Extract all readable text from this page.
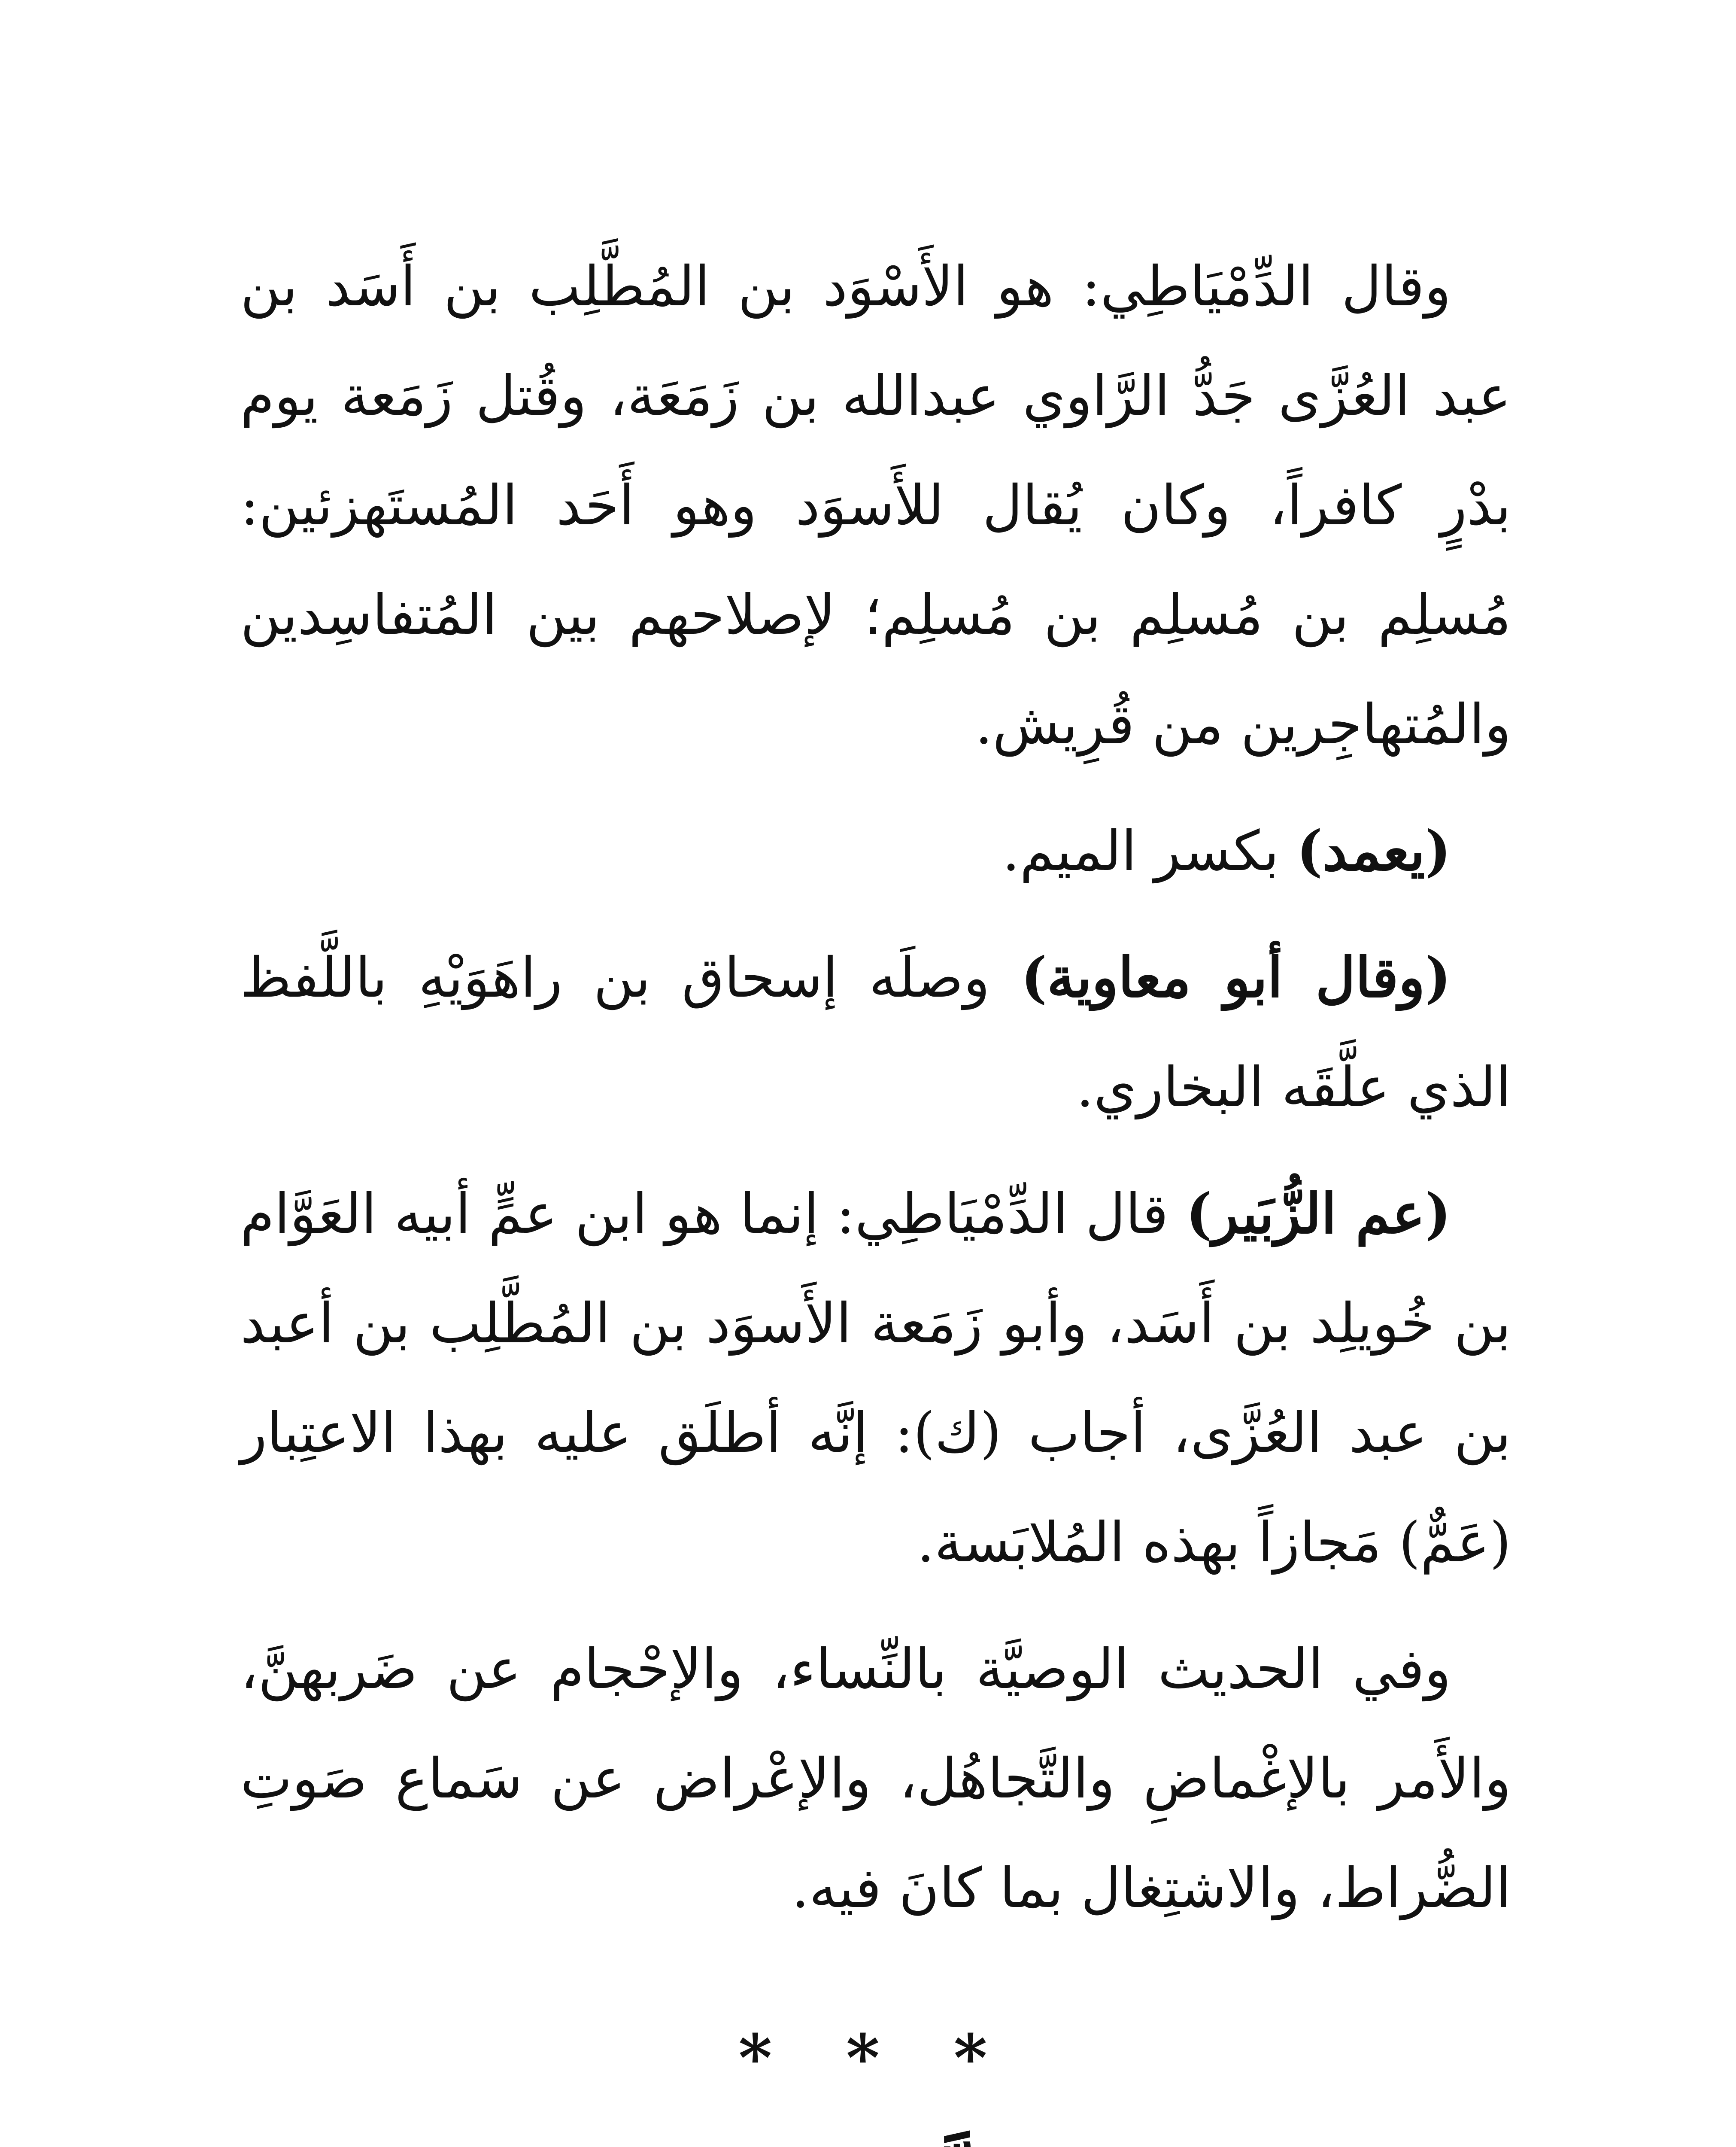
وقال الدِّمْيَاطِي: هو الأَسْوَد بن المُطَّلِب بن أَسَد بن عبد العُزَّى جَدُّ الرَّاوي عبدالله بن زَمَعَة، وقُتل زَمَعة يوم بدْرٍ كافراً، وكان يُقال للأَسوَد وهو أَحَد المُستَهزئين: مُسلِم بن مُسلِم بن مُسلِم؛ لإصلاحهم بين المُتفاسِدين والمُتهاجِرين من قُرِيش.

(يعمد) بكسر الميم.

(وقال أبو معاوية) وصلَه إسحاق بن راهَوَيْهِ باللَّفظ الذي علَّقَه البخاري.

(عم الزُّبَير) قال الدِّمْيَاطِي: إنما هو ابن عمٍّ أبيه العَوَّام بن خُويلِد بن أَسَد، وأبو زَمَعة الأَسوَد بن المُطَّلِب بن أعبد بن عبد العُزَّى، أجاب (ك): إنَّه أطلَق عليه بهذا الاعتِبار (عَمٌّ) مَجازاً بهذه المُلابَسة.

وفي الحديث الوصيَّة بالنِّساء، والإحْجام عن ضَربهنَّ، والأَمر بالإغْماضِ والتَّجاهُل، والإعْراض عن سَماع صَوتِ الضُّراط، والاشتِغال بما كانَ فيه.

* * *
